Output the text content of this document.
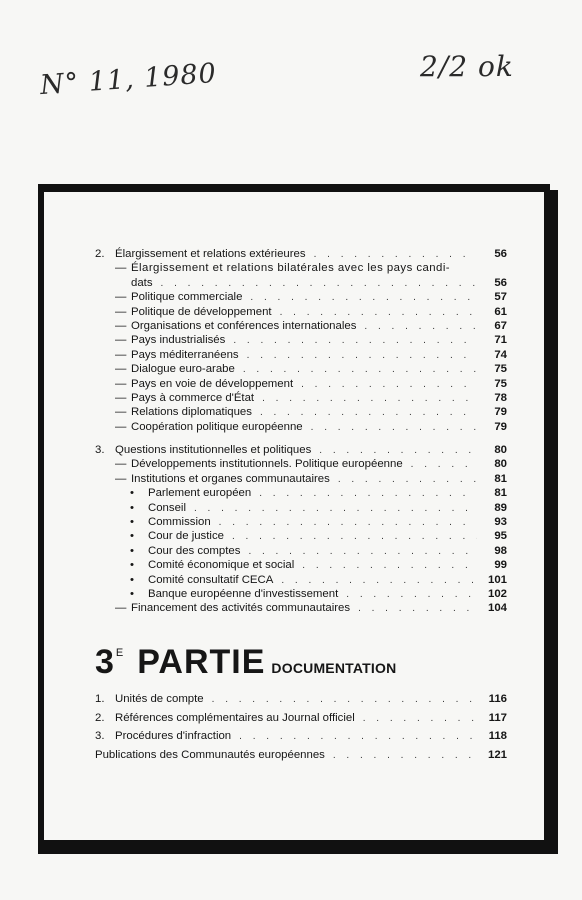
N° 11, 1980	2/2 ok
2. Élargissement et relations extérieures . . .	56
— Élargissement et relations bilatérales avec les pays candi-
dats . . .	56
— Politique commerciale . . .	57
— Politique de développement . . .	61
— Organisations et conférences internationales . . .	67
— Pays industrialisés . . .	71
— Pays méditerranéens . . .	74
— Dialogue euro-arabe . . .	75
— Pays en voie de développement . . .	75
— Pays à commerce d'État . . .	78
— Relations diplomatiques . . .	79
— Coopération politique européenne . . .	79
3. Questions institutionnelles et politiques . . .	80
— Développements institutionnels. Politique européenne . . .	80
— Institutions et organes communautaires . . .	81
•	Parlement européen . . .	81
•	Conseil . . .	89
•	Commission . . .	93
•	Cour de justice . . .	95
•	Cour des comptes . . .	98
•	Comité économique et social . . .	99
•	Comité consultatif CECA . . .	101
•	Banque européenne d'investissement . . .	102
— Financement des activités communautaires . . .	104
$3^E$ PARTIE DOCUMENTATION
1. Unités de compte . . .	116
2. Références complémentaires au Journal officiel . . .	117
3. Procédures d'infraction . . .	118
Publications des Communautés européennes . . .	121
